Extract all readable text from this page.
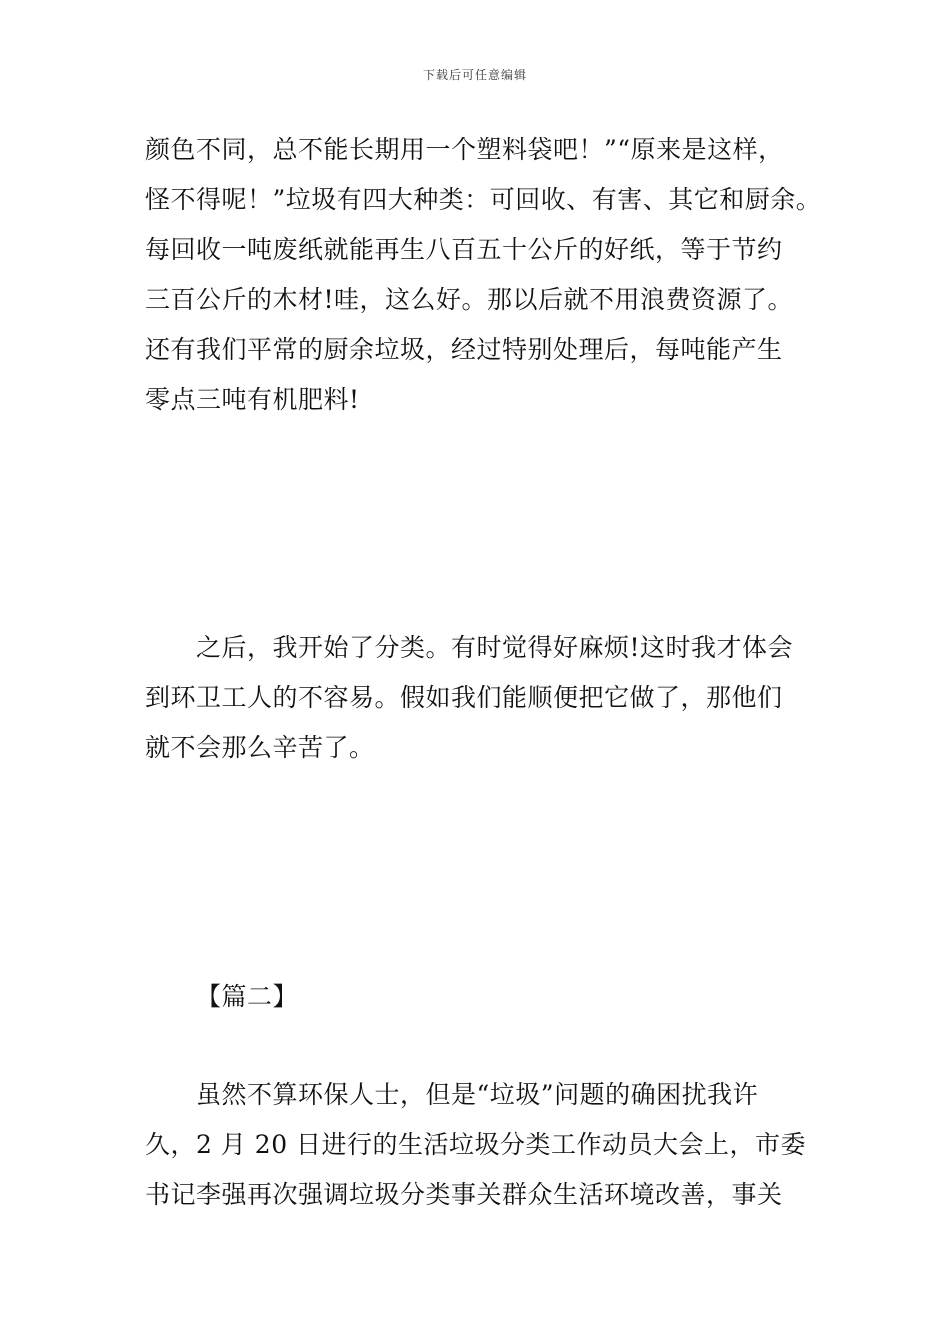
下载后可任意编辑
颜色不同，总不能长期用一个塑料袋吧！”“原来是这样，
怪不得呢！”垃圾有四大种类：可回收、有害、其它和厨余。
每回收一吨废纸就能再生八百五十公斤的好纸，等于节约
三百公斤的木材!哇，这么好。那以后就不用浪费资源了。
还有我们平常的厨余垃圾，经过特别处理后，每吨能产生
零点三吨有机肥料!
之后，我开始了分类。有时觉得好麻烦!这时我才体会
到环卫工人的不容易。假如我们能顺便把它做了，那他们
就不会那么辛苦了。
【篇二】
虽然不算环保人士，但是“垃圾”问题的确困扰我许
久，2 月 20 日进行的生活垃圾分类工作动员大会上，市委
书记李强再次强调垃圾分类事关群众生活环境改善，事关
